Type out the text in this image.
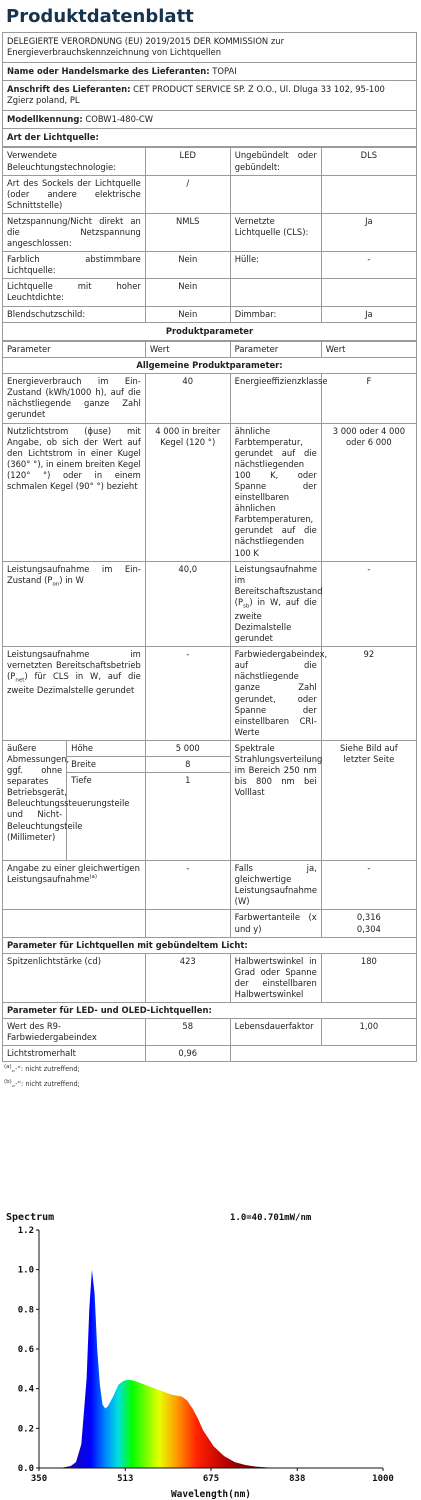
Produktdatenblatt
DELEGIERTE VERORDNUNG (EU) 2019/2015 DER KOMMISSION zur Energieverbrauchskennzeichnung von Lichtquellen
Name oder Handelsmarke des Lieferanten: TOPAI
Anschrift des Lieferanten: CET PRODUCT SERVICE SP. Z O.O., Ul. Dluga 33 102, 95-100 Zgierz poland, PL
Modellkennung: COBW1-480-CW
Art der Lichtquelle:
Verwendete Beleuchtungstechnologie:	LED	Ungebündelt oder gebündelt:	DLS
Art des Sockels der Lichtquelle (oder andere elektrische Schnittstelle)	/		
Netzspannung/Nicht direkt an die Netzspannung angeschlossen:	NMLS	Vernetzte Lichtquelle (CLS):	Ja
Farblich abstimmbare Lichtquelle:	Nein	Hülle:	-
Lichtquelle mit hoher Leuchtdichte:	Nein		
Blendschutzschild:	Nein	Dimmbar:	Ja
Produktparameter
Parameter		Wert	Parameter	Wert
Allgemeine Produktparameter:				
Energieverbrauch im Ein-Zustand (kWh/1000 h), auf die nächstliegende ganze Zahl gerundet		40	Energieeffizienzklasse	F
Nutzlichtstrom (ɸuse) mit Angabe, ob sich der Wert auf den Lichtstrom in einer Kugel (360° °), in einem breiten Kegel (120° °) oder in einem schmalen Kegel (90° °) bezieht		4 000 in breiter Kegel (120 °)	ähnliche Farbtemperatur, gerundet auf die nächstliegenden 100 K, oder Spanne der einstellbaren ähnlichen Farbtemperaturen, gerundet auf die nächstliegenden 100 K	3 000 oder 4 000 oder 6 000
Leistungsaufnahme im Ein-Zustand $(P_{on})$ in W		40,0	Leistungsaufnahme im Bereitschaftszustand $(P_{sb})$ in W, auf die zweite Dezimalstelle gerundet	-
Leistungsaufnahme im vernetzten Bereitschaftsbetrieb $(P_{net})$ für CLS in W, auf die zweite Dezimalstelle gerundet		-	Farbwiedergabeindex, auf die nächstliegende ganze Zahl gerundet, oder Spanne der einstellbaren CRI-Werte	92
äußere Abmessungen, ggf. ohne separates Betriebsgerät, Beleuchtungssteuerungsteile und Nicht-Beleuchtungsteile (Millimeter)	Höhe	5 000	Spektrale Strahlungsverteilung im Bereich 250 nm bis 800 nm bei Volllast	Siehe Bild auf letzter Seite
	Breite	8		
	Tiefe	1		
Angabe zu einer gleichwertigen Leistungsaufnahme$^{(a)}$		-	Falls ja, gleichwertige Leistungsaufnahme (W)	-
			Farbwertanteile (x und y)	0,316
0,304

Parameter für Lichtquellen mit gebündeltem Licht:				
Spitzenlichtstärke (cd)		423	Halbwertswinkel in Grad oder Spanne der einstellbaren Halbwertswinkel	180
Parameter für LED- und OLED-Lichtquellen:				
Wert des R9-Farbwiedergabeindex		58	Lebensdauerfaktor	1,00
Lichtstromerhalt		0,96		
$^{(a)}$„-“: nicht zutreffend;
$^{(b)}$„-“: nicht zutreffend;
Spectrum	1.0=40.701mW/nm
Wavelength(nm)
0.0
0.2
0.4
0.6
0.8
1.0
1.2
350	513	675	838	1000
